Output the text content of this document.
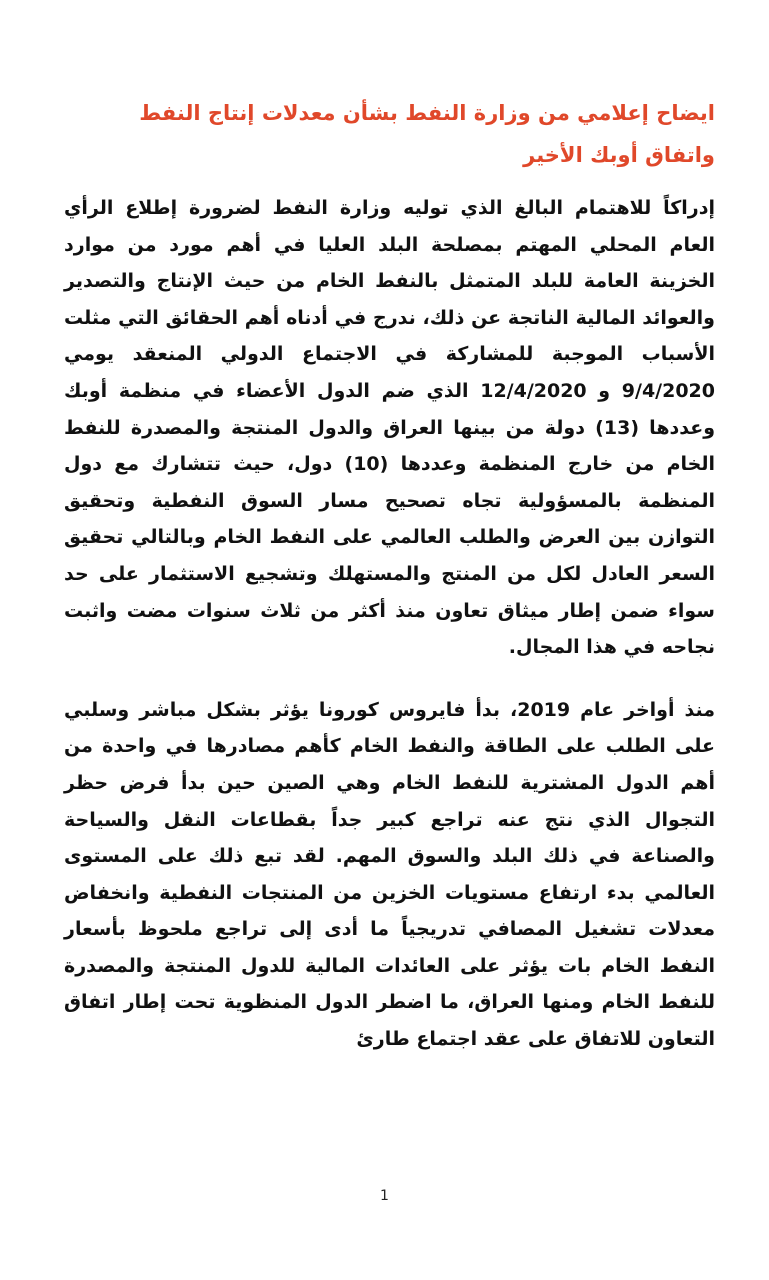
ايضاح إعلامي من وزارة النفط بشأن معدلات إنتاج النفط واتفاق أوبك الأخير

إدراكاً للاهتمام البالغ الذي توليه وزارة النفط لضرورة إطلاع الرأي العام المحلي المهتم بمصلحة البلد العليا في أهم مورد من موارد الخزينة العامة للبلد المتمثل بالنفط الخام من حيث الإنتاج والتصدير والعوائد المالية الناتجة عن ذلك، ندرج في أدناه أهم الحقائق التي مثلت الأسباب الموجبة للمشاركة في الاجتماع الدولي المنعقد يومي 9/4/2020 و 12/4/2020 الذي ضم الدول الأعضاء في منظمة أوبك وعددها (13) دولة من بينها العراق والدول المنتجة والمصدرة للنفط الخام من خارج المنظمة وعددها (10) دول، حيث تتشارك مع دول المنظمة بالمسؤولية تجاه تصحيح مسار السوق النفطية وتحقيق التوازن بين العرض والطلب العالمي على النفط الخام وبالتالي تحقيق السعر العادل لكل من المنتج والمستهلك وتشجيع الاستثمار على حد سواء ضمن إطار ميثاق تعاون منذ أكثر من ثلاث سنوات مضت واثبت نجاحه في هذا المجال.

منذ أواخر عام 2019، بدأ فايروس كورونا يؤثر بشكل مباشر وسلبي على الطلب على الطاقة والنفط الخام كأهم مصادرها في واحدة من أهم الدول المشترية للنفط الخام وهي الصين حين بدأ فرض حظر التجوال الذي نتج عنه تراجع كبير جداً بقطاعات النقل والسياحة والصناعة في ذلك البلد والسوق المهم. لقد تبع ذلك على المستوى العالمي بدء ارتفاع مستويات الخزين من المنتجات النفطية وانخفاض معدلات تشغيل المصافي تدريجياً ما أدى إلى تراجع ملحوظ بأسعار النفط الخام بات يؤثر على العائدات المالية للدول المنتجة والمصدرة للنفط الخام ومنها العراق، ما اضطر الدول المنظوية تحت إطار اتفاق التعاون للاتفاق على عقد اجتماع طارئ

1
